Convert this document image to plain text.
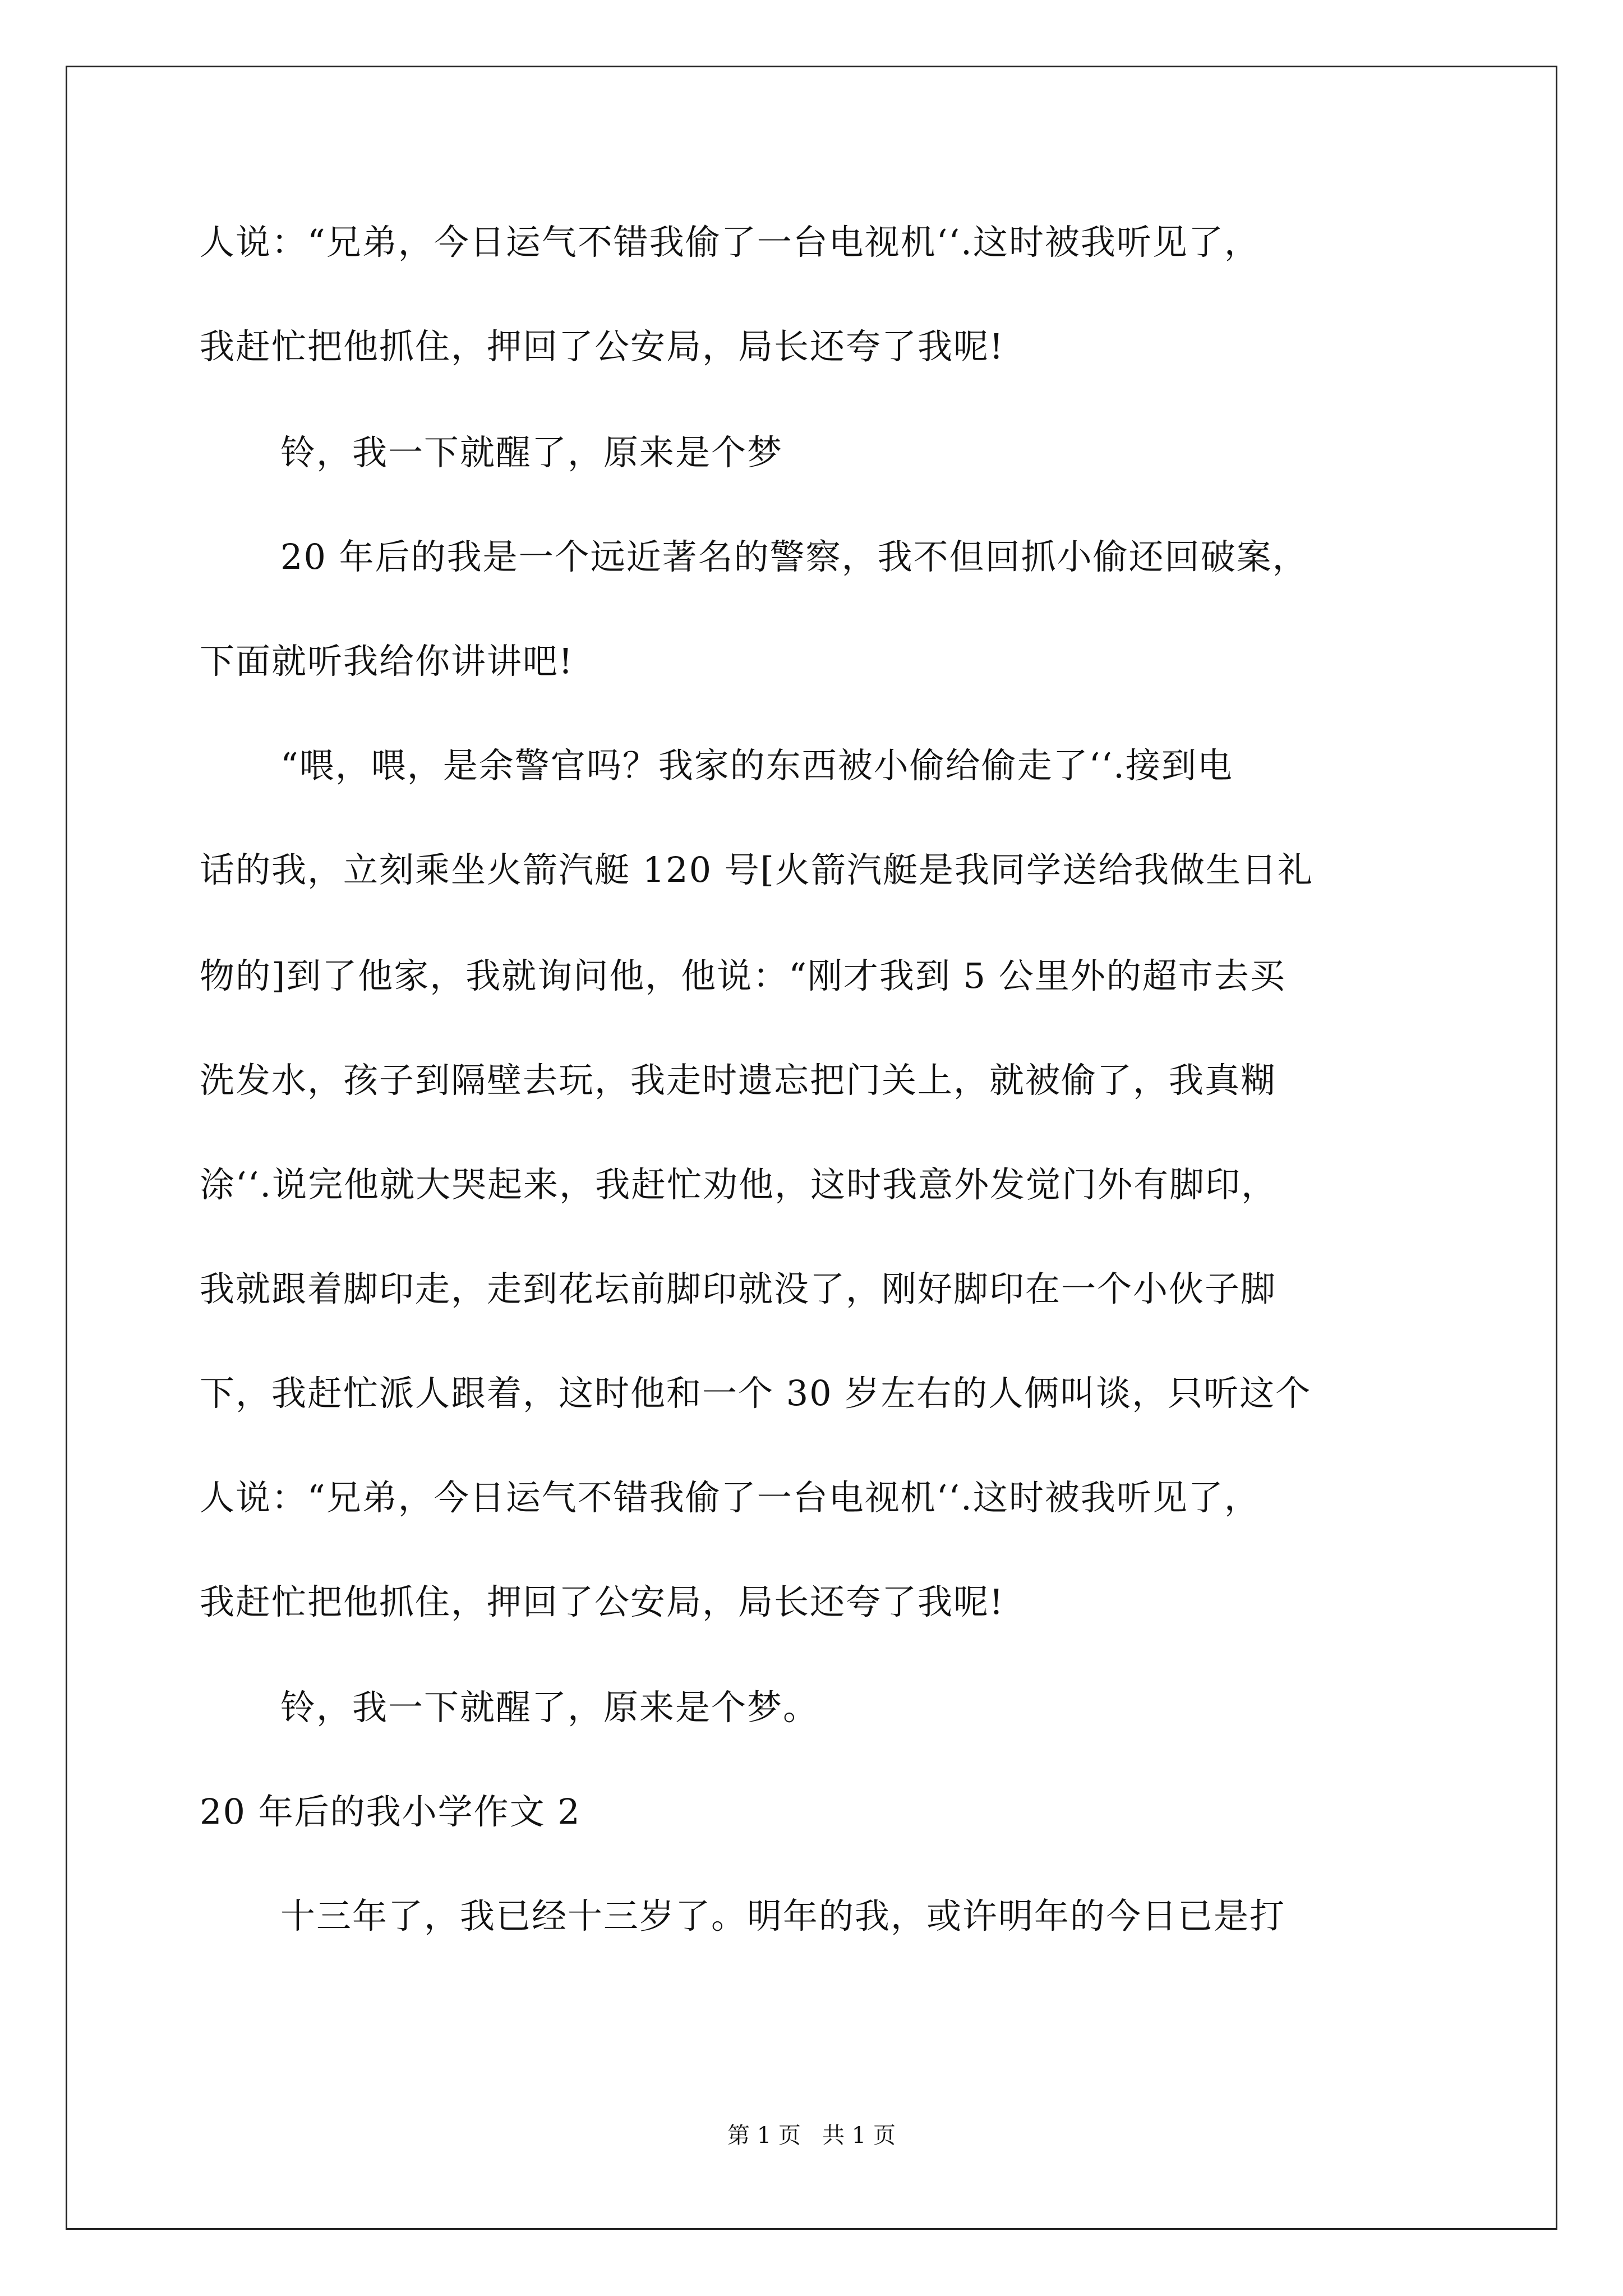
人说：“兄弟，今日运气不错我偷了一台电视机‘‘.这时被我听见了，
我赶忙把他抓住，押回了公安局，局长还夸了我呢!
铃，我一下就醒了，原来是个梦
20 年后的我是一个远近著名的警察，我不但回抓小偷还回破案，
下面就听我给你讲讲吧!
“喂，喂，是余警官吗？我家的东西被小偷给偷走了‘‘.接到电
话的我，立刻乘坐火箭汽艇 120 号[火箭汽艇是我同学送给我做生日礼
物的]到了他家，我就询问他，他说：“刚才我到 5 公里外的超市去买
洗发水，孩子到隔壁去玩，我走时遗忘把门关上，就被偷了，我真糊
涂‘‘.说完他就大哭起来，我赶忙劝他，这时我意外发觉门外有脚印，
我就跟着脚印走，走到花坛前脚印就没了，刚好脚印在一个小伙子脚
下，我赶忙派人跟着，这时他和一个 30 岁左右的人俩叫谈，只听这个
人说：“兄弟，今日运气不错我偷了一台电视机‘‘.这时被我听见了，
我赶忙把他抓住，押回了公安局，局长还夸了我呢!
铃，我一下就醒了，原来是个梦。
20 年后的我小学作文 2
十三年了，我已经十三岁了。明年的我，或许明年的今日已是打
第 1 页   共 1 页
